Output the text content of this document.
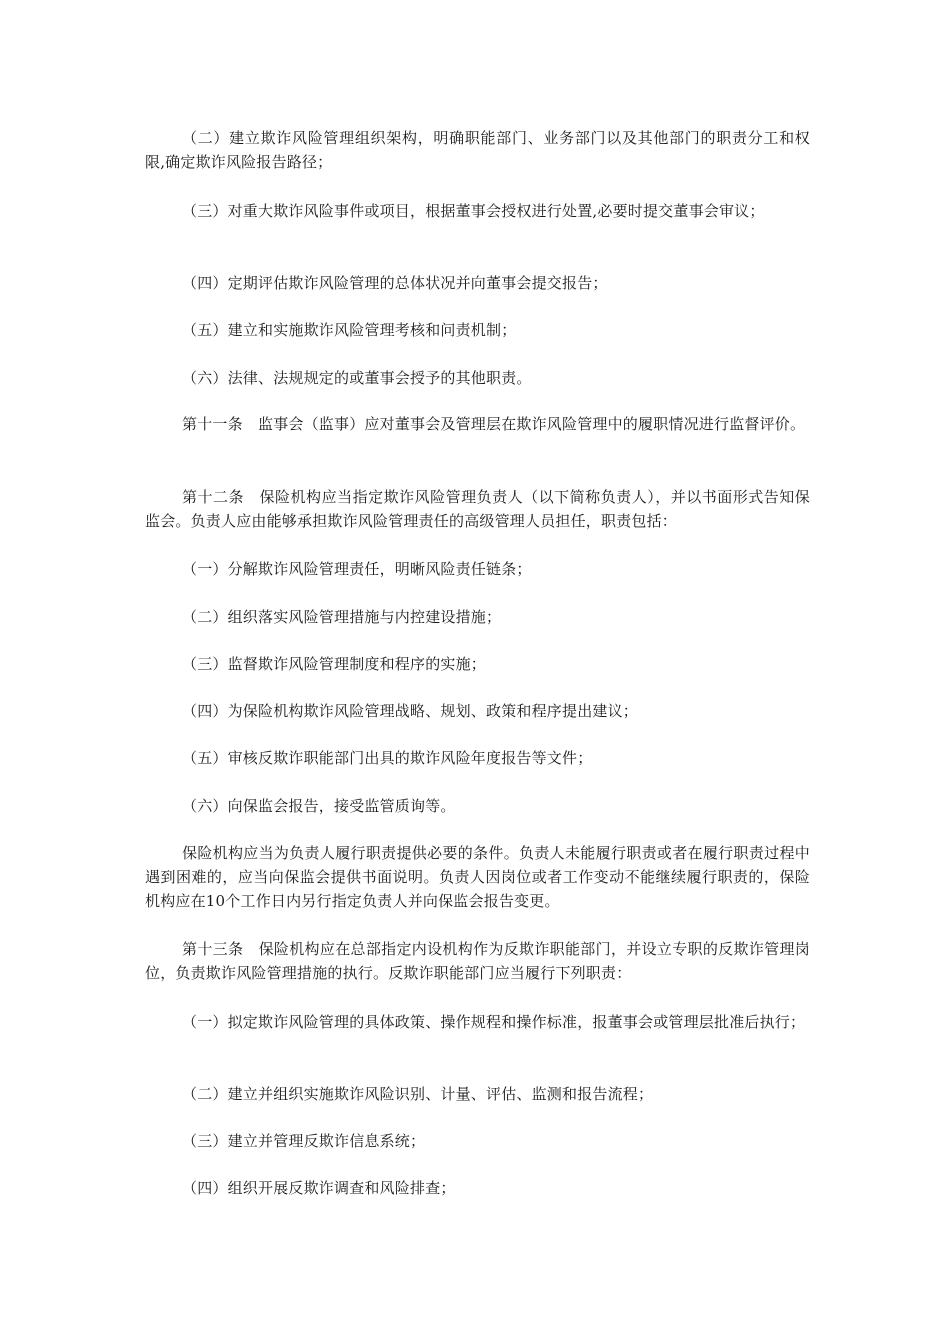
（二）建立欺诈风险管理组织架构，明确职能部门、业务部门以及其他部门的职责分工和权限,确定欺诈风险报告路径；

（三）对重大欺诈风险事件或项目，根据董事会授权进行处置,必要时提交董事会审议；

（四）定期评估欺诈风险管理的总体状况并向董事会提交报告；

（五）建立和实施欺诈风险管理考核和问责机制；

（六）法律、法规规定的或董事会授予的其他职责。

第十一条　监事会（监事）应对董事会及管理层在欺诈风险管理中的履职情况进行监督评价。

第十二条　保险机构应当指定欺诈风险管理负责人（以下简称负责人），并以书面形式告知保监会。负责人应由能够承担欺诈风险管理责任的高级管理人员担任，职责包括：

（一）分解欺诈风险管理责任，明晰风险责任链条；

（二）组织落实风险管理措施与内控建设措施；

（三）监督欺诈风险管理制度和程序的实施；

（四）为保险机构欺诈风险管理战略、规划、政策和程序提出建议；

（五）审核反欺诈职能部门出具的欺诈风险年度报告等文件；

（六）向保监会报告，接受监管质询等。

保险机构应当为负责人履行职责提供必要的条件。负责人未能履行职责或者在履行职责过程中遇到困难的，应当向保监会提供书面说明。负责人因岗位或者工作变动不能继续履行职责的，保险机构应在10个工作日内另行指定负责人并向保监会报告变更。

第十三条　保险机构应在总部指定内设机构作为反欺诈职能部门，并设立专职的反欺诈管理岗位，负责欺诈风险管理措施的执行。反欺诈职能部门应当履行下列职责：

（一）拟定欺诈风险管理的具体政策、操作规程和操作标准，报董事会或管理层批准后执行；

（二）建立并组织实施欺诈风险识别、计量、评估、监测和报告流程；

（三）建立并管理反欺诈信息系统；

（四）组织开展反欺诈调查和风险排查；
